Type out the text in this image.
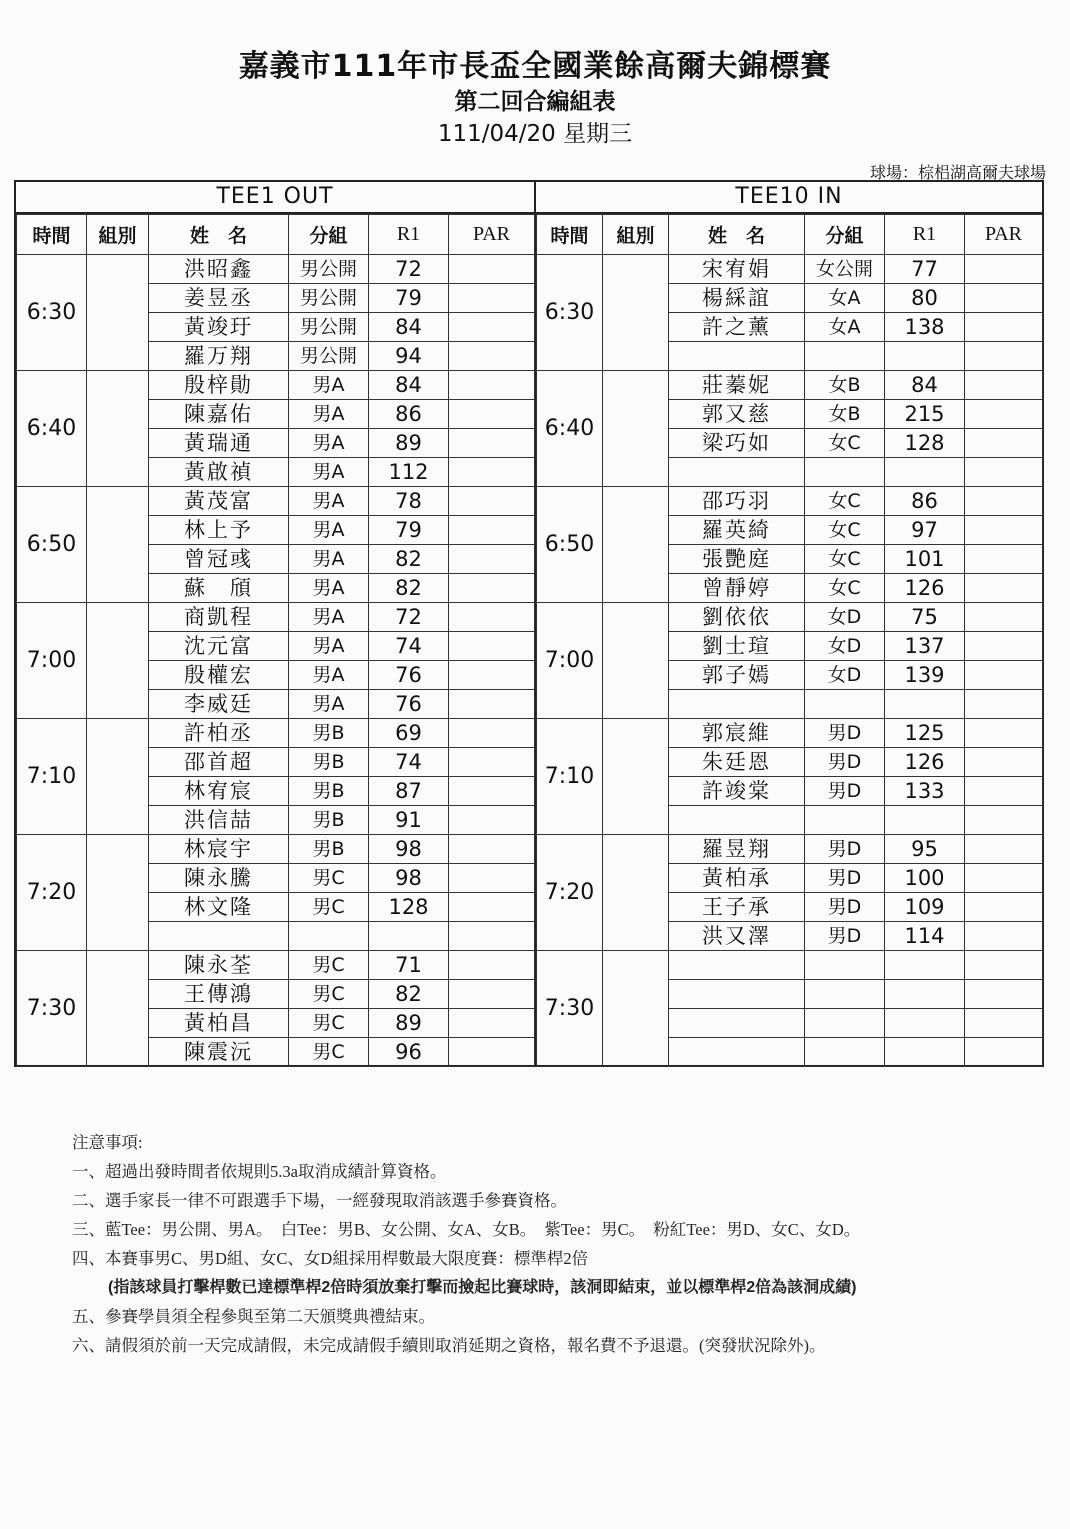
嘉義市111年市長盃全國業餘高爾夫錦標賽
第二回合編組表
111/04/20 星期三
球場：棕梠湖高爾夫球場
TEE1 OUT
時間	組別	姓　名	分組	R1	PAR
6:30		洪昭鑫	男公開	72	
		姜昱丞	男公開	79	
		黃竣玗	男公開	84	
		羅万翔	男公開	94	
6:40		殷梓勛	男A	84	
		陳嘉佑	男A	86	
		黃瑞通	男A	89	
		黃啟禎	男A	112	
6:50		黃茂富	男A	78	
		林上予	男A	79	
		曾冠彧	男A	82	
		蘇　頎	男A	82	
7:00		商凱程	男A	72	
		沈元富	男A	74	
		殷權宏	男A	76	
		李威廷	男A	76	
7:10		許柏丞	男B	69	
		邵首超	男B	74	
		林宥宸	男B	87	
		洪信喆	男B	91	
7:20		林宸宇	男B	98	
		陳永騰	男C	98	
		林文隆	男C	128	

7:30		陳永荃	男C	71	
		王傳鴻	男C	82	
		黃柏昌	男C	89	
		陳震沅	男C	96	
TEE10 IN
時間	組別	姓　名	分組	R1	PAR
6:30		宋宥娟	女公開	77	
		楊綵誼	女A	80	
		許之薰	女A	138	

6:40		莊蓁妮	女B	84	
		郭又慈	女B	215	
		梁巧如	女C	128	

6:50		邵巧羽	女C	86	
		羅英綺	女C	97	
		張艷庭	女C	101	
		曾靜婷	女C	126	
7:00		劉依依	女D	75	
		劉士瑄	女D	137	
		郭子嫣	女D	139	

7:10		郭宸維	男D	125	
		朱廷恩	男D	126	
		許竣棠	男D	133	

7:20		羅昱翔	男D	95	
		黃柏承	男D	100	
		王子承	男D	109	
		洪又澤	男D	114	
7:30					

注意事項:
一、超過出發時間者依規則5.3a取消成績計算資格。
二、選手家長一律不可跟選手下場，一經發現取消該選手參賽資格。
三、藍Tee：男公開、男A。　白Tee：男B、女公開、女A、女B。　紫Tee：男C。　粉紅Tee：男D、女C、女D。
四、本賽事男C、男D組、女C、女D組採用桿數最大限度賽：標準桿2倍
(指該球員打擊桿數已達標準桿2倍時須放棄打擊而撿起比賽球時，該洞即結束，並以標準桿2倍為該洞成績)
五、參賽學員須全程參與至第二天頒獎典禮結束。
六、請假須於前一天完成請假，未完成請假手續則取消延期之資格，報名費不予退還。(突發狀況除外)。
